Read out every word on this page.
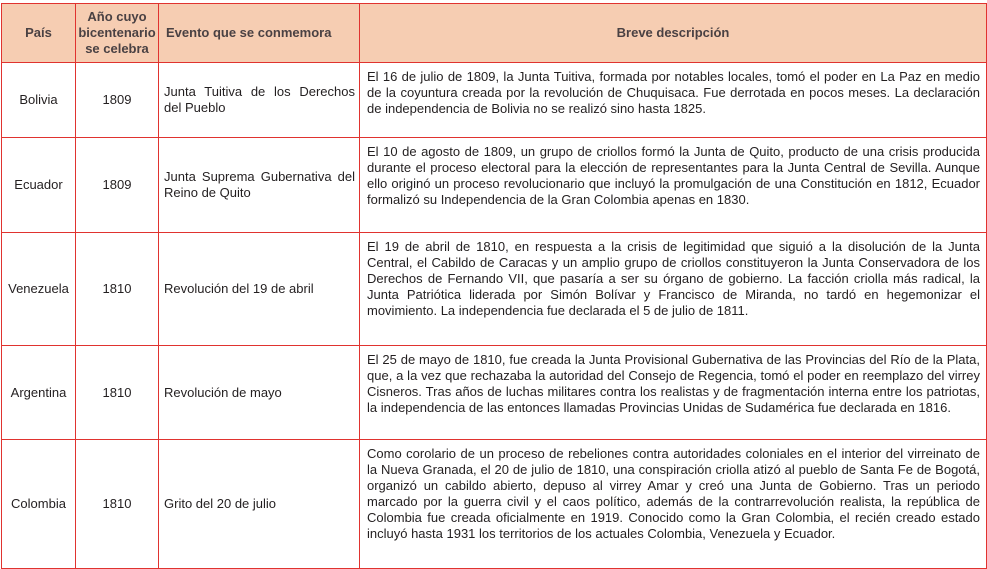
País	Año cuyo
bicentenario
se celebra	Evento que se conmemora	Breve descripción
Bolivia	1809	Junta Tuitiva de los Derechos del Pueblo	El 16 de julio de 1809, la Junta Tuitiva, formada por notables locales, tomó el poder en La Paz en medio de la coyuntura creada por la revolución de Chuquisaca. Fue derrotada en pocos meses. La declaración de independencia de Bolivia no se realizó sino hasta 1825.
Ecuador	1809	Junta Suprema Gubernativa del Reino de Quito	El 10 de agosto de 1809, un grupo de criollos formó la Junta de Quito, producto de una crisis producida durante el proceso electoral para la elección de representantes para la Junta Central de Sevilla. Aunque ello originó un proceso revolucionario que incluyó la promulgación de una Constitución en 1812, Ecuador formalizó su Independencia de la Gran Colombia apenas en 1830.
Venezuela	1810	Revolución del 19 de abril	El 19 de abril de 1810, en respuesta a la crisis de legitimidad que siguió a la disolución de la Junta Central, el Cabildo de Caracas y un amplio grupo de criollos constituyeron la Junta Conservadora de los Derechos de Fernando VII, que pasaría a ser su órgano de gobierno. La facción criolla más radical, la Junta Patriótica liderada por Simón Bolívar y Francisco de Miranda, no tardó en hegemonizar el movimiento. La independencia fue declarada el 5 de julio de 1811.
Argentina	1810	Revolución de mayo	El 25 de mayo de 1810, fue creada la Junta Provisional Gubernativa de las Provincias del Río de la Plata, que, a la vez que rechazaba la autoridad del Consejo de Regencia, tomó el poder en reemplazo del virrey Cisneros. Tras años de luchas militares contra los realistas y de fragmentación interna entre los patriotas, la independencia de las entonces llamadas Provincias Unidas de Sudamérica fue declarada en 1816.
Colombia	1810	Grito del 20 de julio	Como corolario de un proceso de rebeliones contra autoridades coloniales en el interior del virreinato de la Nueva Granada, el 20 de julio de 1810, una conspiración criolla atizó al pueblo de Santa Fe de Bogotá, organizó un cabildo abierto, depuso al virrey Amar y creó una Junta de Gobierno. Tras un periodo marcado por la guerra civil y el caos político, además de la contrarrevolución realista, la república de Colombia fue creada oficialmente en 1919. Conocido como la Gran Colombia, el recién creado estado incluyó hasta 1931 los territorios de los actuales Colombia, Venezuela y Ecuador.
